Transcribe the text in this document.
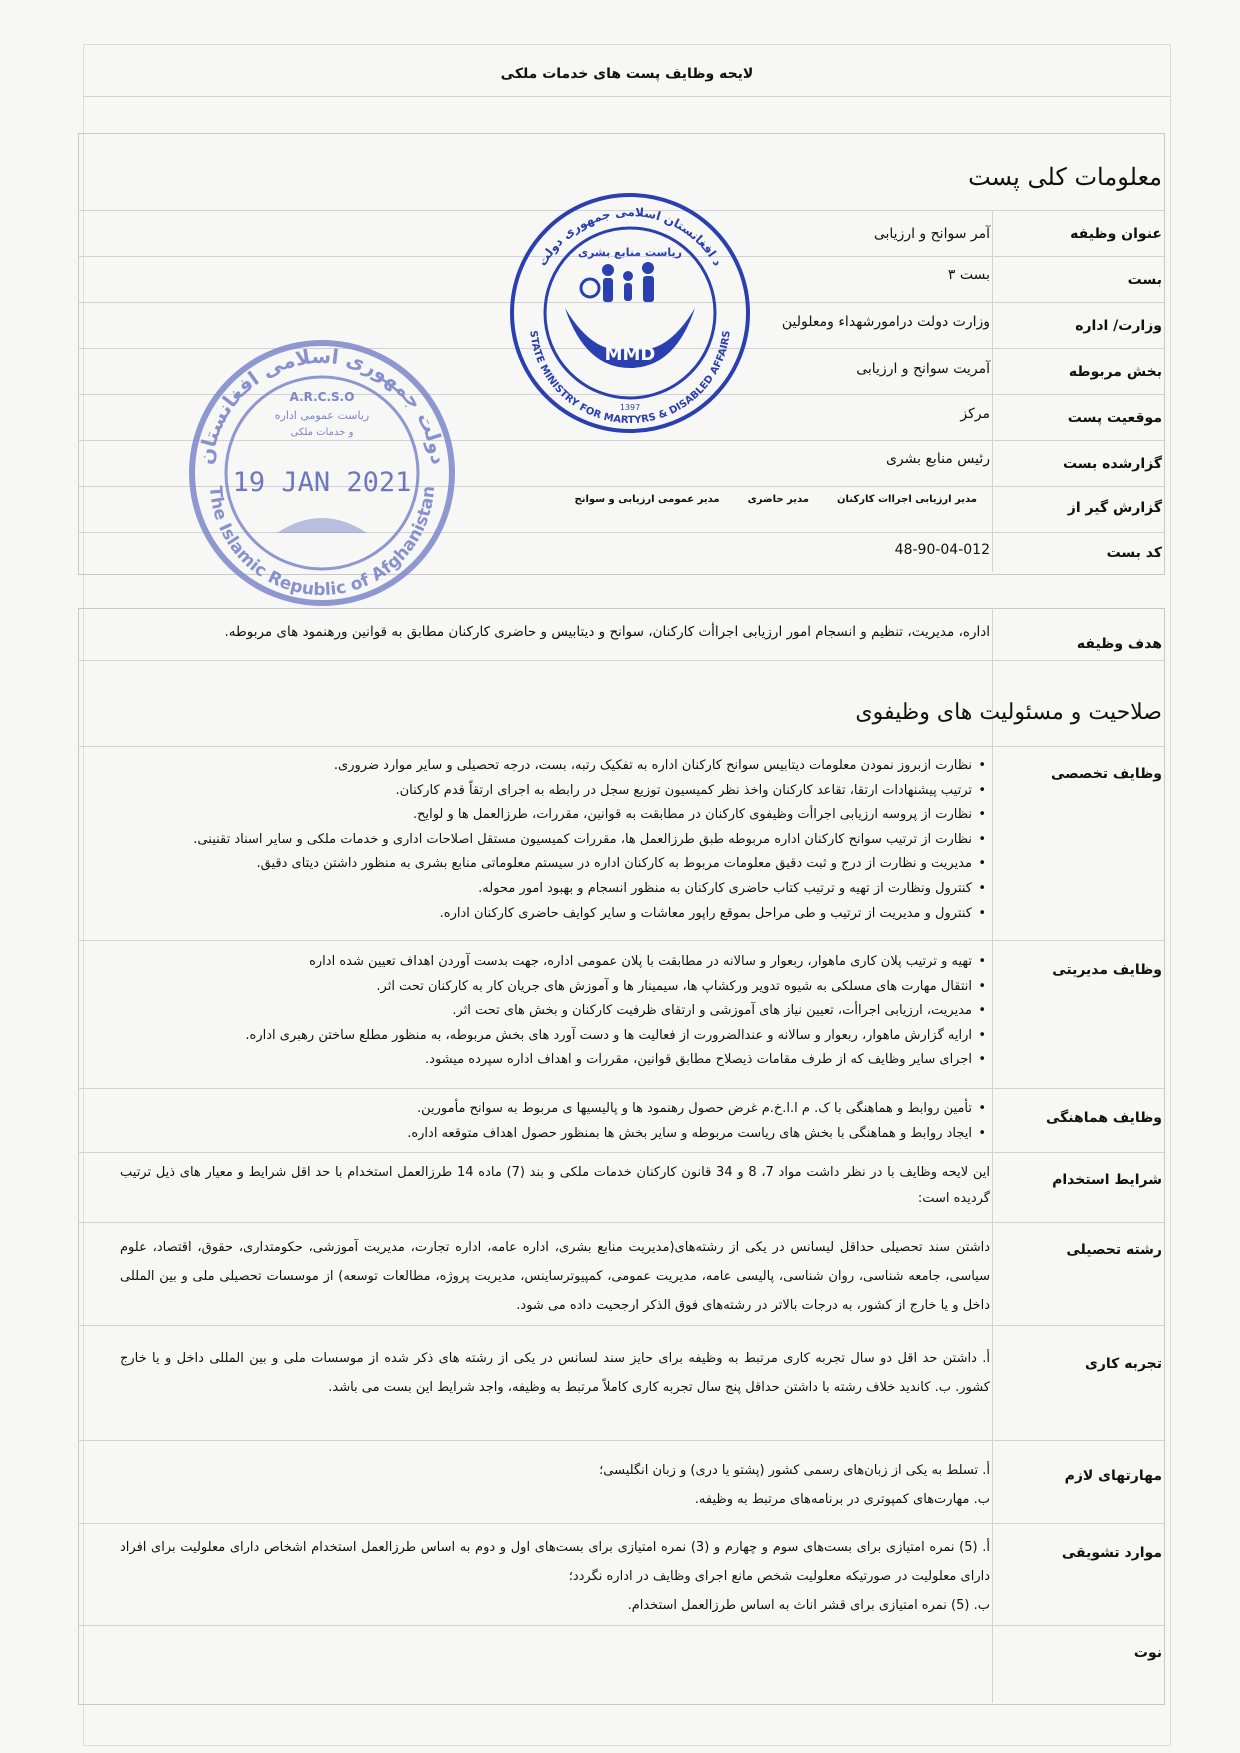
لایحه وظایف پست های خدمات ملکی
معلومات کلی پست
عنوان وظیفه
آمر سوانح و ارزیابی
بست
بست ۳
وزارت/ اداره
وزارت دولت درامورشهداء ومعلولین
بخش مربوطه
آمریت سوانح و ارزیابی
موقعیت پست
مرکز
گزارشده بست
رئیس منابع بشری
گزارش گیر از
مدیر ارزیابی اجراات کارکنان
مدیر حاضری
مدیر عمومی ارزیابی و سوانح
کد بست
48-90-04-012
هدف وظیفه
اداره، مدیریت، تنظیم و انسجام امور ارزیابی اجراأت کارکنان، سوانح و دیتابیس و حاضری کارکنان مطابق به قوانین ورهنمود های مربوطه.
صلاحیت و مسئولیت های وظیفوی
وظایف تخصصی
• نظارت ازبروز نمودن معلومات دیتابیس سوانح کارکنان اداره به تفکیک رتبه، بست، درجه تحصیلی و سایر موارد ضروری.
• ترتیب پیشنهادات ارتقا، تقاعد کارکنان واخذ نظر کمیسیون توزیع سجل در رابطه به اجرای ارتقاً قدم کارکنان.
• نظارت از پروسه ارزیابی اجراأت وظیفوی کارکنان در مطابقت به قوانین، مقررات، طرزالعمل ها و لوایح.
• نظارت از ترتیب سوانح کارکنان اداره مربوطه طبق طرزالعمل ها، مقررات کمیسیون مستقل اصلاحات اداری و خدمات ملکی و سایر اسناد تقنینی.
• مدیریت و نظارت از درج و ثبت دقیق معلومات مربوط به کارکنان اداره در سیستم معلوماتی منابع بشری به منظور داشتن دیتای دقیق.
• کنترول ونظارت از تهیه و ترتیب کتاب حاضری کارکنان به منظور انسجام و بهبود امور محوله.
• کنترول و مدیریت از ترتیب و طی مراحل بموقع راپور معاشات و سایر کوایف حاضری کارکنان اداره.
وظایف مدیریتی
• تهیه و ترتیب پلان کاری ماهوار، ربعوار و سالانه در مطابقت با پلان عمومی اداره، جهت بدست آوردن اهداف تعیین شده اداره
• انتقال مهارت های مسلکی به شیوه تدویر ورکشاپ ها، سیمینار ها و آموزش های جریان کار به کارکنان تحت اثر.
• مدیریت، ارزیابی اجراأت، تعیین نیاز های آموزشی و ارتقای ظرفیت کارکنان و بخش های تحت اثر.
• ارایه گزارش ماهوار، ربعوار و سالانه و عندالضرورت از فعالیت ها و دست آورد های بخش مربوطه، به منظور مطلع ساختن رهبری اداره.
• اجرای سایر وظایف که از طرف مقامات ذیصلاح مطابق قوانین، مقررات و اهداف اداره سپرده میشود.
وظایف هماهنگی
• تأمین روابط و هماهنگی با ک. م ا.ا.خ.م غرض حصول رهنمود ها و پالیسیها ی مربوط به سوانح مأمورین.
• ایجاد روابط و هماهنگی با بخش های ریاست مربوطه و سایر بخش ها بمنظور حصول اهداف متوقعه اداره.
شرایط استخدام
این لایحه وظایف با در نظر داشت مواد 7، 8 و 34 قانون کارکنان خدمات ملکی و بند (7) ماده 14 طرزالعمل استخدام با حد اقل شرایط و معیار های ذیل ترتیب گردیده است:
رشته تحصیلی
داشتن سند تحصیلی حداقل لیسانس در یکی از رشته‌های(مدیریت منابع بشری، اداره عامه، اداره تجارت، مدیریت آموزشی، حکومتداری، حقوق، اقتصاد، علوم سیاسی، جامعه شناسی، روان شناسی، پالیسی عامه، مدیریت عمومی، کمپیوترساینس، مدیریت پروژه، مطالعات توسعه) از موسسات تحصیلی ملی و بین المللی داخل و یا خارج از کشور، به درجات بالاتر در رشته‌های فوق الذکر ارجحیت داده می شود.
تجربه کاری
أ. داشتن حد اقل دو سال تجربه کاری مرتبط به وظیفه برای حایز سند لسانس در یکی از رشته های ذکر شده از موسسات ملی و بین المللی داخل و یا خارج کشور. ب. کاندید خلاف رشته با داشتن حداقل پنج سال تجربه کاری کاملاً مرتبط به وظیفه، واجد شرایط این بست می باشد.
مهارتهای لازم
أ. تسلط به یکی از زبان‌های رسمی کشور (پشتو یا دری) و زبان انگلیسی؛
ب. مهارت‌های کمپوتری در برنامه‌های مرتبط به وظیفه.
موارد تشویقی
أ. (5) نمره امتیازی برای بست‌های سوم و چهارم و (3) نمره امتیازی برای بست‌های اول و دوم به اساس طرزالعمل استخدام اشخاص دارای معلولیت برای افراد دارای معلولیت در صورتیکه معلولیت شخص مانع اجرای وظایف در اداره نگردد؛
ب. (5) نمره امتیازی برای قشر اناث به اساس طرزالعمل استخدام.
نوت
دولت جمهوری اسلامی افغانستان
The Islamic Republic of Afghanistan
A.R.C.S.O
ریاست عمومی اداره
و خدمات ملکی
19 JAN 2021
د افغانستان اسلامی جمهوری دولت
STATE MINISTRY FOR MARTYRS & DISABLED AFFAIRS
ریاست منابع بشری
MMD
1397
